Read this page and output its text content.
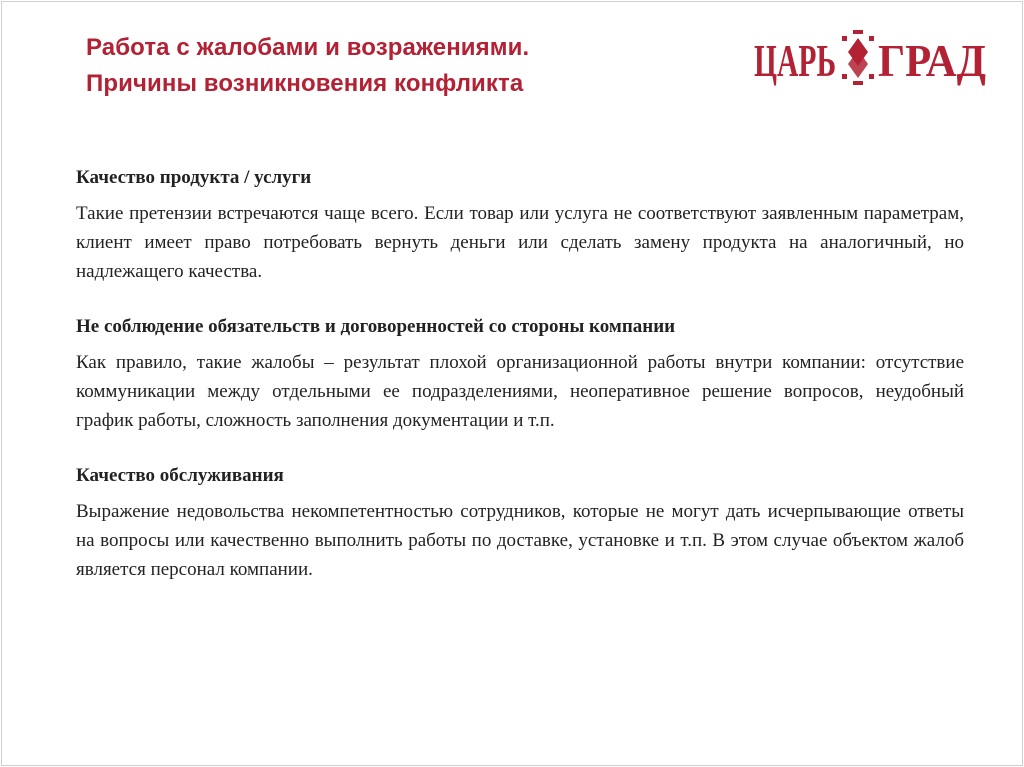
Работа с жалобами и возражениями.
Причины возникновения конфликта	ЦАРЬ ГРАД

Качество продукта / услуги

Такие претензии встречаются чаще всего. Если товар или услуга не соответствуют заявленным параметрам, клиент имеет право потребовать вернуть деньги или сделать замену продукта на аналогичный, но надлежащего качества.

Не соблюдение обязательств и договоренностей со стороны компании

Как правило, такие жалобы – результат плохой организационной работы внутри компании: отсутствие коммуникации между отдельными ее подразделениями, неоперативное решение вопросов, неудобный график работы, сложность заполнения документации и т.п.

Качество обслуживания

Выражение недовольства некомпетентностью сотрудников, которые не могут дать исчерпывающие ответы на вопросы или качественно выполнить работы по доставке, установке и т.п. В этом случае объектом жалоб является персонал компании.
